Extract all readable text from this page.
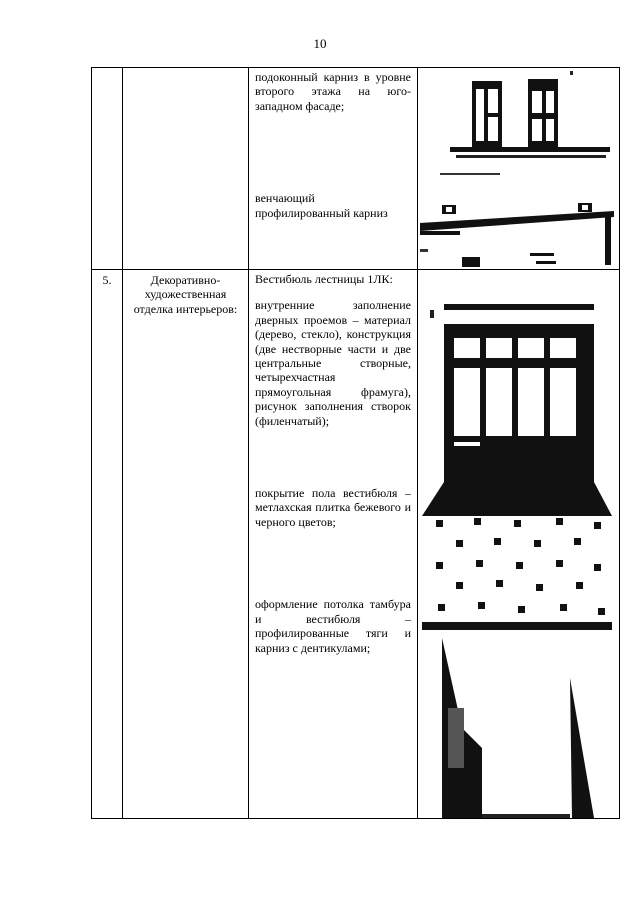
10

		подоконный карниз в уровне второго этажа на юго-западном фасаде;
венчающий профилированный карниз	

5.	Декоративно-художественная отделка интерьеров:	Вестибюль лестницы 1ЛК:
внутренние заполнение дверных проемов – материал (дерево, стекло), конструкция (две нестворные части и две центральные створные, четырехчастная прямоугольная фрамуга), рисунок заполнения створок (филенчатый);
покрытие пола вестибюля – метлахская плитка бежевого и черного цветов;
оформление потолка тамбура и вестибюля – профилированные тяги и карниз с дентикулами;	
